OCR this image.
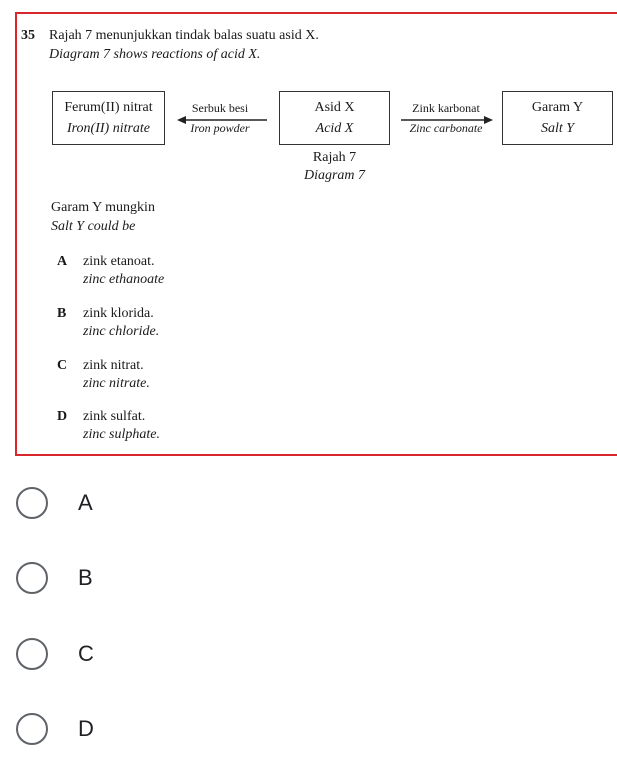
35 Rajah 7 menunjukkan tindak balas suatu asid X.
Diagram 7 shows reactions of acid X.
Ferum(II) nitrat
Iron(II) nitrate
Serbuk besi
Iron powder
Asid X
Acid X
Zink karbonat
Zinc carbonate
Garam Y
Salt Y
Rajah 7
Diagram 7
Garam Y mungkin
Salt Y could be
A zink etanoat.
zinc ethanoate
B zink klorida.
zinc chloride.
C zink nitrat.
zinc nitrate.
D zink sulfat.
zinc sulphate.
A
B
C
D
